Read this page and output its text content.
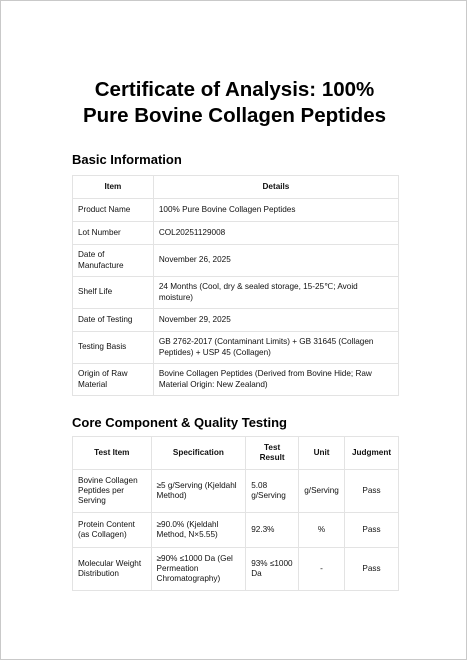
Certificate of Analysis: 100%
Pure Bovine Collagen Peptides
Basic Information
Item	Details
Product Name	100% Pure Bovine Collagen Peptides
Lot Number	COL20251129008
Date of Manufacture	November 26, 2025
Shelf Life	24 Months (Cool, dry & sealed storage, 15-25℃; Avoid moisture)
Date of Testing	November 29, 2025
Testing Basis	GB 2762-2017 (Contaminant Limits) + GB 31645 (Collagen Peptides) + USP 45 (Collagen)
Origin of Raw Material	Bovine Collagen Peptides (Derived from Bovine Hide; Raw Material Origin: New Zealand)
Core Component & Quality Testing
Test Item	Specification	Test Result	Unit	Judgment
Bovine Collagen Peptides per Serving	≥5 g/Serving (Kjeldahl Method)	5.08 g/Serving	g/Serving	Pass
Protein Content (as Collagen)	≥90.0% (Kjeldahl Method, N×5.55)	92.3%	%	Pass
Molecular Weight Distribution	≥90% ≤1000 Da (Gel Permeation Chromatography)	93% ≤1000 Da	-	Pass
